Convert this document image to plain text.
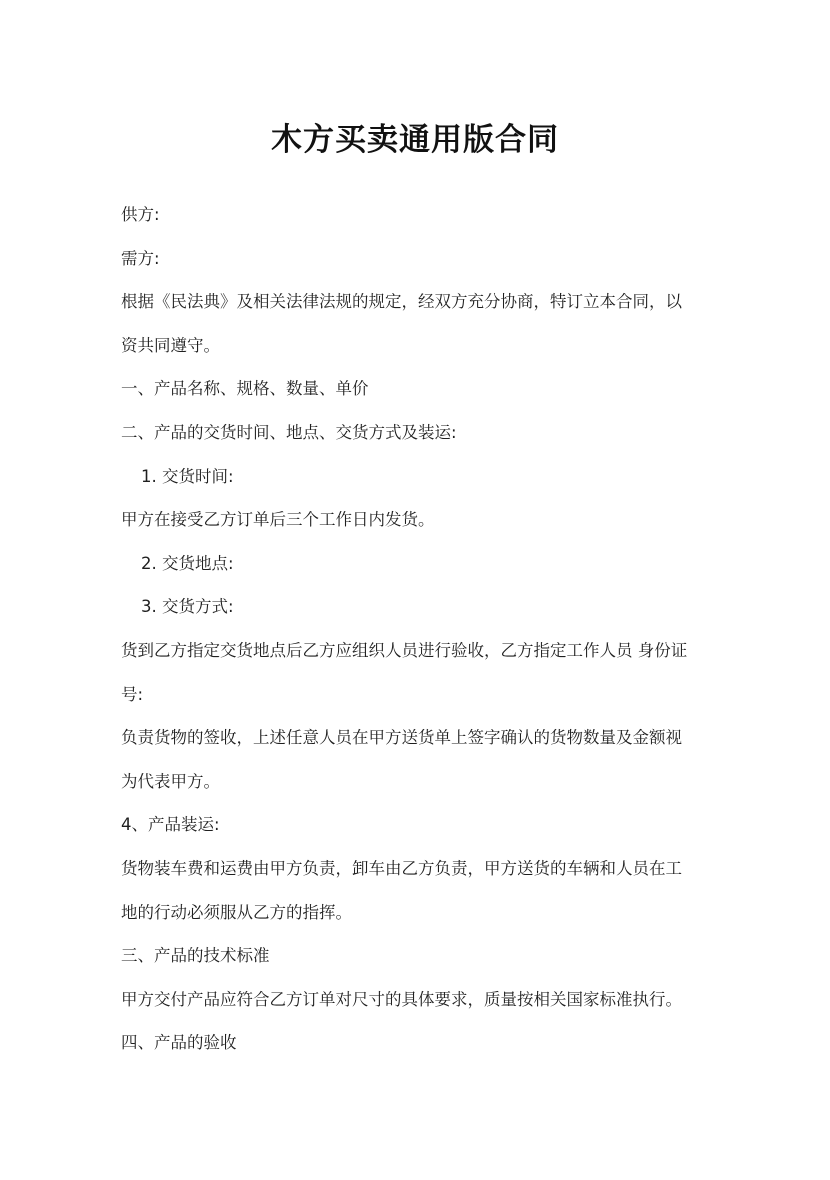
木方买卖通用版合同
供方:
需方:
根据《民法典》及相关法律法规的规定，经双方充分协商，特订立本合同，以
资共同遵守。
一、产品名称、规格、数量、单价
二、产品的交货时间、地点、交货方式及装运:
1. 交货时间:
甲方在接受乙方订单后三个工作日内发货。
2. 交货地点:
3. 交货方式:
货到乙方指定交货地点后乙方应组织人员进行验收，乙方指定工作人员 身份证
号:
负责货物的签收，上述任意人员在甲方送货单上签字确认的货物数量及金额视
为代表甲方。
4、产品装运:
货物装车费和运费由甲方负责，卸车由乙方负责，甲方送货的车辆和人员在工
地的行动必须服从乙方的指挥。
三、产品的技术标准
甲方交付产品应符合乙方订单对尺寸的具体要求，质量按相关国家标准执行。
四、产品的验收
